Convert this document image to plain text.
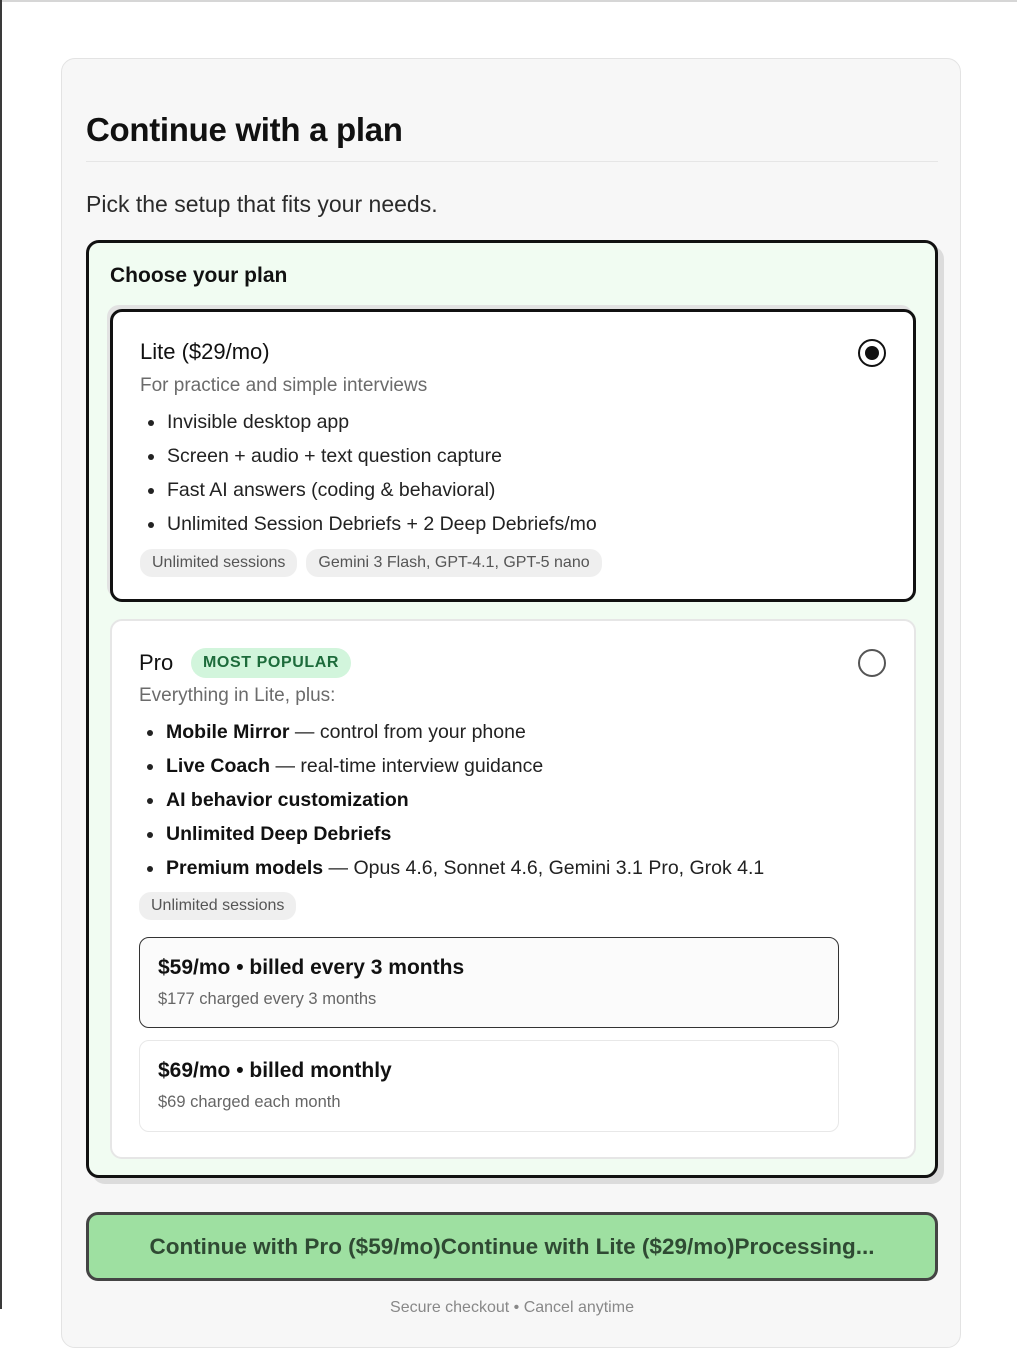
Continue with a plan

Pick the setup that fits your needs.

Choose your plan
Lite ($29/mo)
For practice and simple interviews
Invisible desktop app
Screen + audio + text question capture
Fast AI answers (coding & behavioral)
Unlimited Session Debriefs + 2 Deep Debriefs/mo
Unlimited sessions	Gemini 3 Flash, GPT-4.1, GPT-5 nano
Pro	MOST POPULAR
Everything in Lite, plus:
Mobile Mirror — control from your phone
Live Coach — real-time interview guidance
AI behavior customization
Unlimited Deep Debriefs
Premium models — Opus 4.6, Sonnet 4.6, Gemini 3.1 Pro, Grok 4.1
Unlimited sessions
$59/mo • billed every 3 months
$177 charged every 3 months
$69/mo • billed monthly
$69 charged each month
Continue with Pro ($59/mo)Continue with Lite ($29/mo)Processing...
Secure checkout • Cancel anytime
